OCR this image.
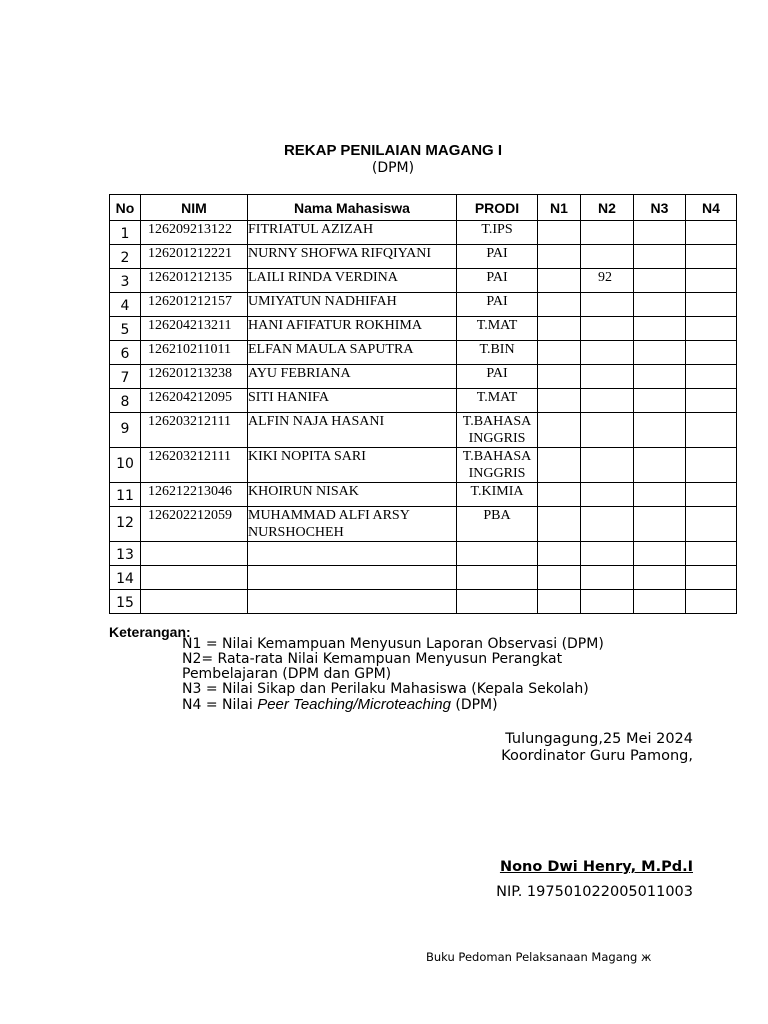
REKAP PENILAIAN MAGANG I
(DPM)
No	NIM	Nama Mahasiswa	PRODI	N1	N2	N3	N4
1	126209213122	FITRIATUL AZIZAH	T.IPS				
2	126201212221	NURNY SHOFWA RIFQIYANI	PAI				
3	126201212135	LAILI RINDA VERDINA	PAI		92		
4	126201212157	UMIYATUN NADHIFAH	PAI				
5	126204213211	HANI AFIFATUR ROKHIMA	T.MAT				
6	126210211011	ELFAN MAULA SAPUTRA	T.BIN				
7	126201213238	AYU FEBRIANA	PAI				
8	126204212095	SITI HANIFA	T.MAT				
9	126203212111	ALFIN NAJA HASANI	T.BAHASA INGGRIS				
10	126203212111	KIKI NOPITA SARI	T.BAHASA INGGRIS				
11	126212213046	KHOIRUN NISAK	T.KIMIA				
12	126202212059	MUHAMMAD ALFI ARSY NURSHOCHEH	PBA				
13							
14							
15							
Keterangan:
N1 = Nilai Kemampuan Menyusun Laporan Observasi (DPM)
N2= Rata-rata Nilai Kemampuan Menyusun Perangkat
Pembelajaran (DPM dan GPM)
N3 = Nilai Sikap dan Perilaku Mahasiswa (Kepala Sekolah)
N4 = Nilai Peer Teaching/Microteaching (DPM)
Tulungagung,25 Mei 2024
Koordinator Guru Pamong,
Nono Dwi Henry, M.Pd.I
NIP. 197501022005011003
Buku Pedoman Pelaksanaan Magang ж
